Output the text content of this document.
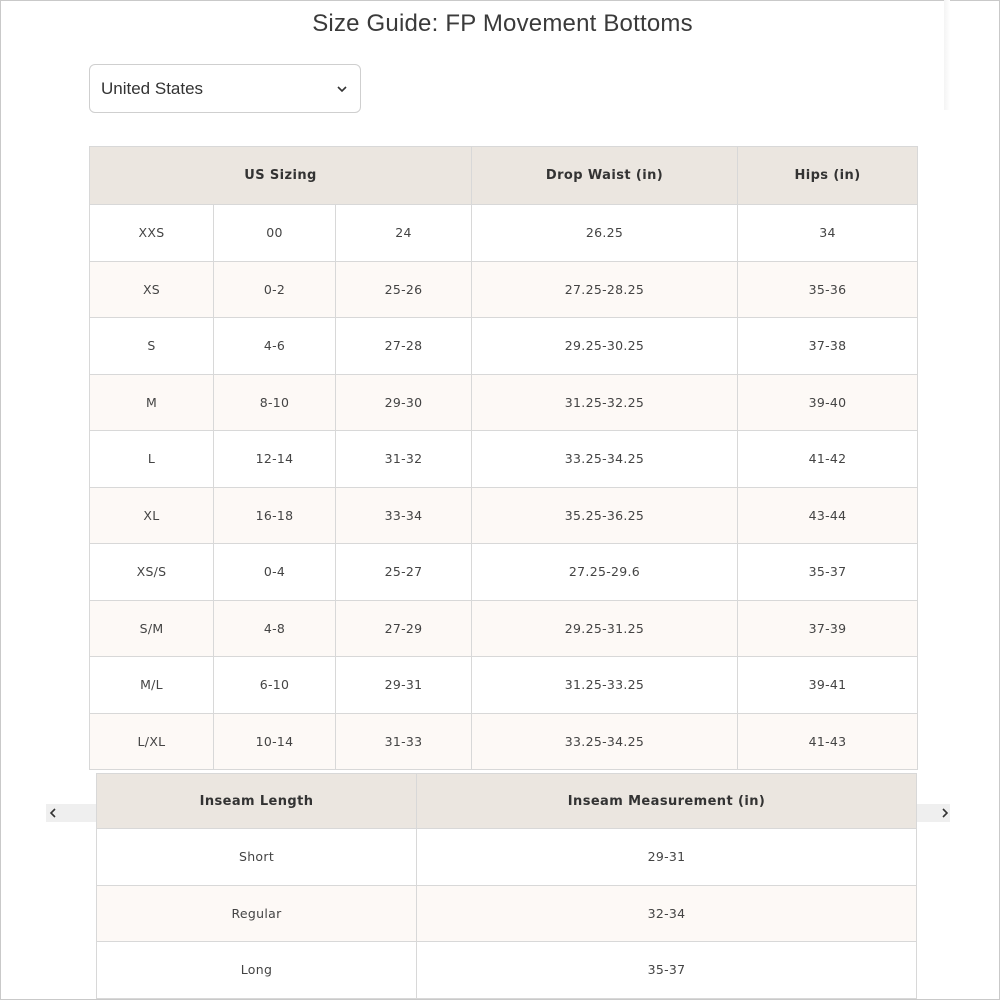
Size Guide: FP Movement Bottoms
United States
US Sizing			Drop Waist (in)	Hips (in)
XXS	00	24	26.25	34
XS	0-2	25-26	27.25-28.25	35-36
S	4-6	27-28	29.25-30.25	37-38
M	8-10	29-30	31.25-32.25	39-40
L	12-14	31-32	33.25-34.25	41-42
XL	16-18	33-34	35.25-36.25	43-44
XS/S	0-4	25-27	27.25-29.6	35-37
S/M	4-8	27-29	29.25-31.25	37-39
M/L	6-10	29-31	31.25-33.25	39-41
L/XL	10-14	31-33	33.25-34.25	41-43
Inseam Length	Inseam Measurement (in)
Short	29-31
Regular	32-34
Long	35-37
